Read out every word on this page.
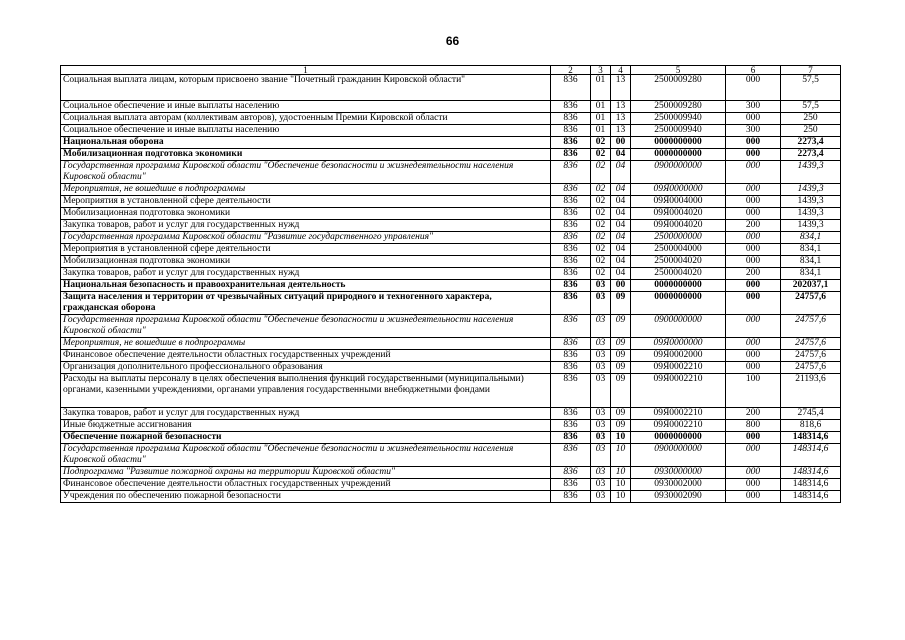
66
1	2	3	4	5	6	7
Социальная выплата лицам, которым присвоено звание "Почетный гражданин Кировской области"	836	01	13	2500009280	000	57,5
Социальное обеспечение и иные выплаты населению	836	01	13	2500009280	300	57,5
Социальная выплата авторам (коллективам авторов), удостоенным Премии Кировской области	836	01	13	2500009940	000	250
Социальное обеспечение и иные выплаты населению	836	01	13	2500009940	300	250
Национальная оборона	836	02	00	0000000000	000	2273,4
Мобилизационная подготовка экономики	836	02	04	0000000000	000	2273,4
Государственная программа Кировской области "Обеспечение безопасности и жизнедеятельности населения Кировской области"	836	02	04	0900000000	000	1439,3
Мероприятия, не вошедшие в подпрограммы	836	02	04	09Я0000000	000	1439,3
Мероприятия в установленной сфере деятельности	836	02	04	09Я0004000	000	1439,3
Мобилизационная подготовка экономики	836	02	04	09Я0004020	000	1439,3
Закупка товаров, работ и услуг для государственных нужд	836	02	04	09Я0004020	200	1439,3
Государственная программа Кировской области "Развитие государственного управления"	836	02	04	2500000000	000	834,1
Мероприятия в установленной сфере деятельности	836	02	04	2500004000	000	834,1
Мобилизационная подготовка экономики	836	02	04	2500004020	000	834,1
Закупка товаров, работ и услуг для государственных нужд	836	02	04	2500004020	200	834,1
Национальная безопасность и правоохранительная деятельность	836	03	00	0000000000	000	202037,1
Защита населения и территории от чрезвычайных ситуаций природного и техногенного характера, гражданская оборона	836	03	09	0000000000	000	24757,6
Государственная программа Кировской области "Обеспечение безопасности и жизнедеятельности населения Кировской области"	836	03	09	0900000000	000	24757,6
Мероприятия, не вошедшие в подпрограммы	836	03	09	09Я0000000	000	24757,6
Финансовое обеспечение деятельности областных государственных учреждений	836	03	09	09Я0002000	000	24757,6
Организация дополнительного профессионального образования	836	03	09	09Я0002210	000	24757,6
Расходы на выплаты персоналу в целях обеспечения выполнения функций государственными (муниципальными) органами, казенными учреждениями, органами управления государственными внебюджетными фондами	836	03	09	09Я0002210	100	21193,6
Закупка товаров, работ и услуг для государственных нужд	836	03	09	09Я0002210	200	2745,4
Иные бюджетные ассигнования	836	03	09	09Я0002210	800	818,6
Обеспечение пожарной безопасности	836	03	10	0000000000	000	148314,6
Государственная программа Кировской области "Обеспечение безопасности и жизнедеятельности населения Кировской области"	836	03	10	0900000000	000	148314,6
Подпрограмма "Развитие пожарной охраны на территории Кировской области"	836	03	10	0930000000	000	148314,6
Финансовое обеспечение деятельности областных государственных учреждений	836	03	10	0930002000	000	148314,6
Учреждения по обеспечению пожарной безопасности	836	03	10	0930002090	000	148314,6
